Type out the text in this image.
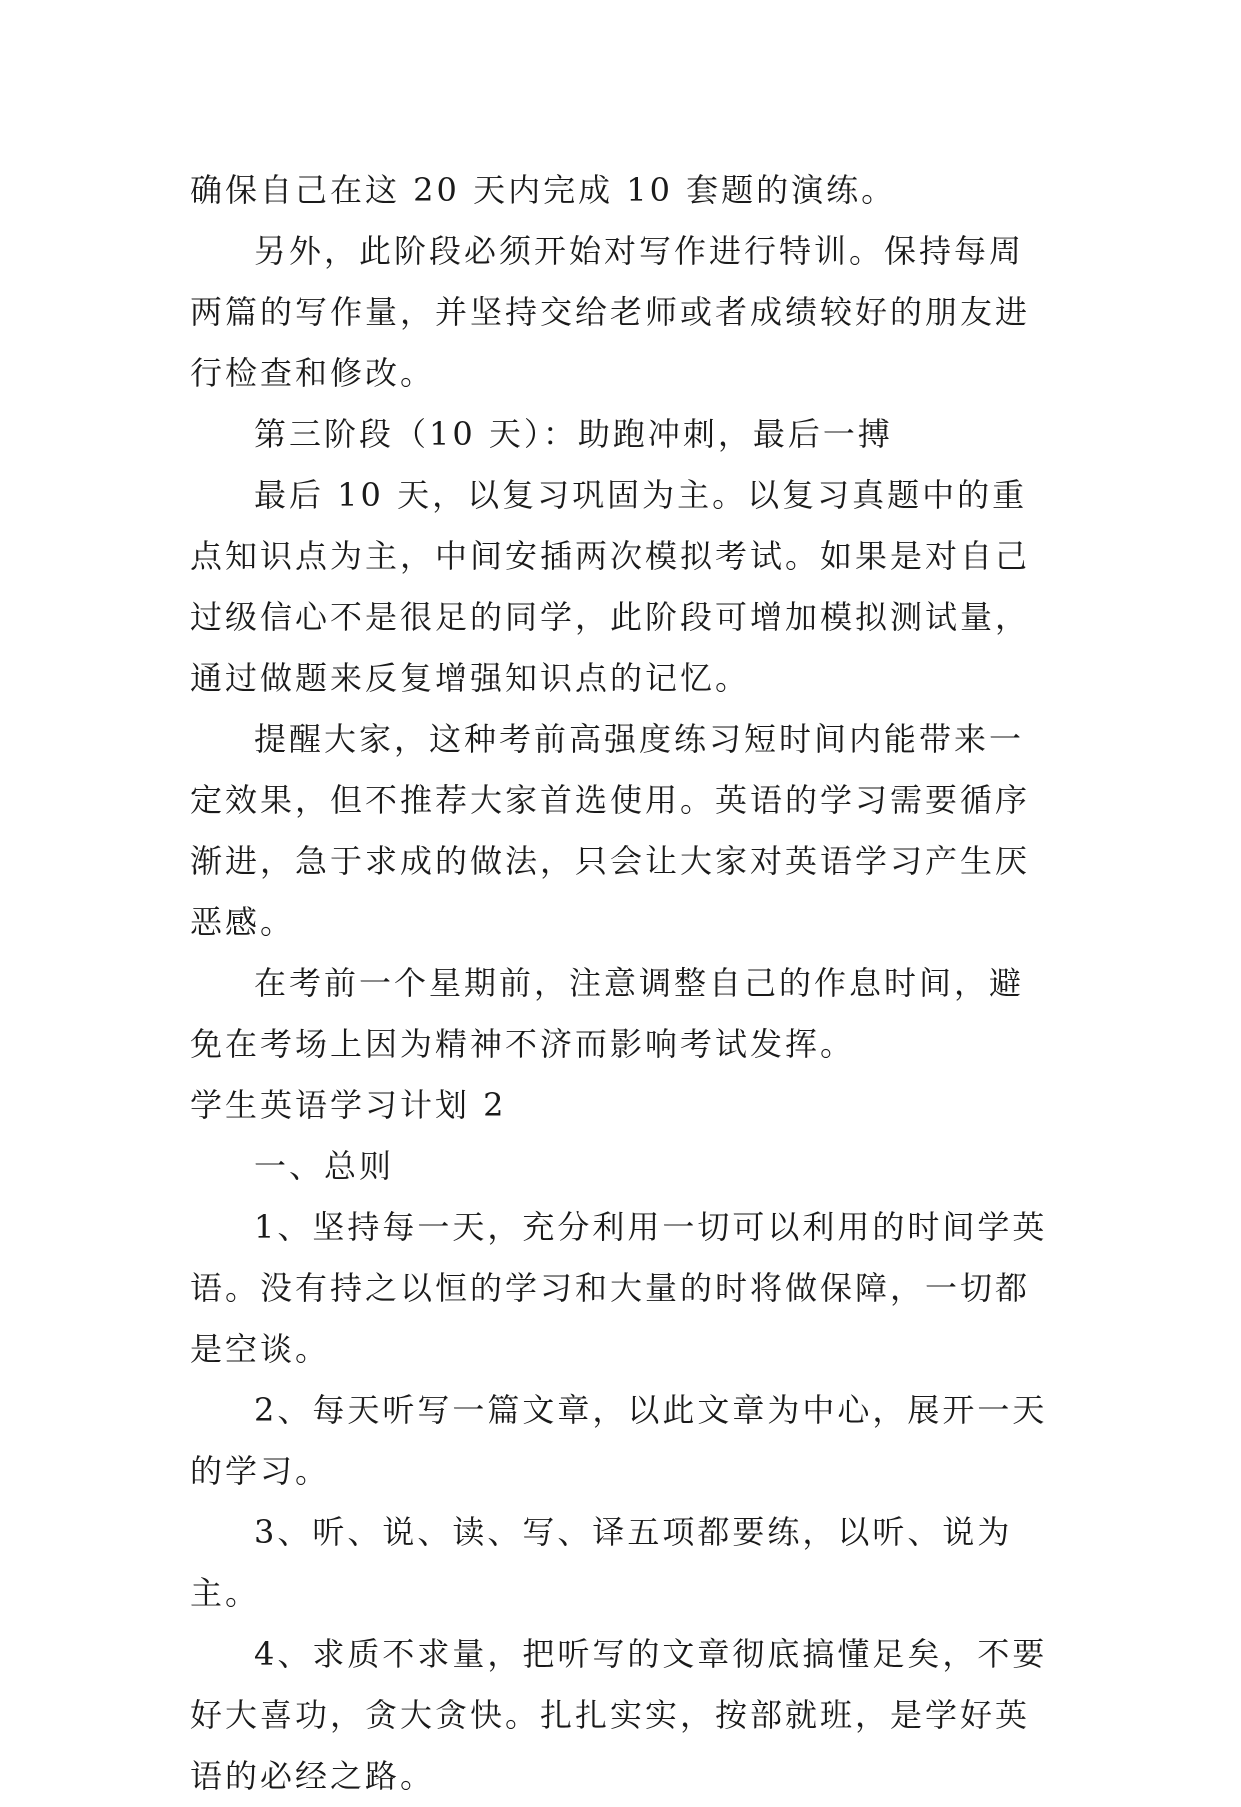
确保自己在这 20 天内完成 10 套题的演练。

另外，此阶段必须开始对写作进行特训。保持每周两篇的写作量，并坚持交给老师或者成绩较好的朋友进行检查和修改。

第三阶段（10 天）：助跑冲刺，最后一搏

最后 10 天，以复习巩固为主。以复习真题中的重点知识点为主，中间安插两次模拟考试。如果是对自己过级信心不是很足的同学，此阶段可增加模拟测试量，通过做题来反复增强知识点的记忆。

提醒大家，这种考前高强度练习短时间内能带来一定效果，但不推荐大家首选使用。英语的学习需要循序渐进，急于求成的做法，只会让大家对英语学习产生厌恶感。

在考前一个星期前，注意调整自己的作息时间，避免在考场上因为精神不济而影响考试发挥。

学生英语学习计划 2

一、总则

1、坚持每一天，充分利用一切可以利用的时间学英语。没有持之以恒的学习和大量的时将做保障，一切都是空谈。

2、每天听写一篇文章，以此文章为中心，展开一天的学习。

3、听、说、读、写、译五项都要练，以听、说为主。

4、求质不求量，把听写的文章彻底搞懂足矣，不要好大喜功，贪大贪快。扎扎实实，按部就班，是学好英语的必经之路。
